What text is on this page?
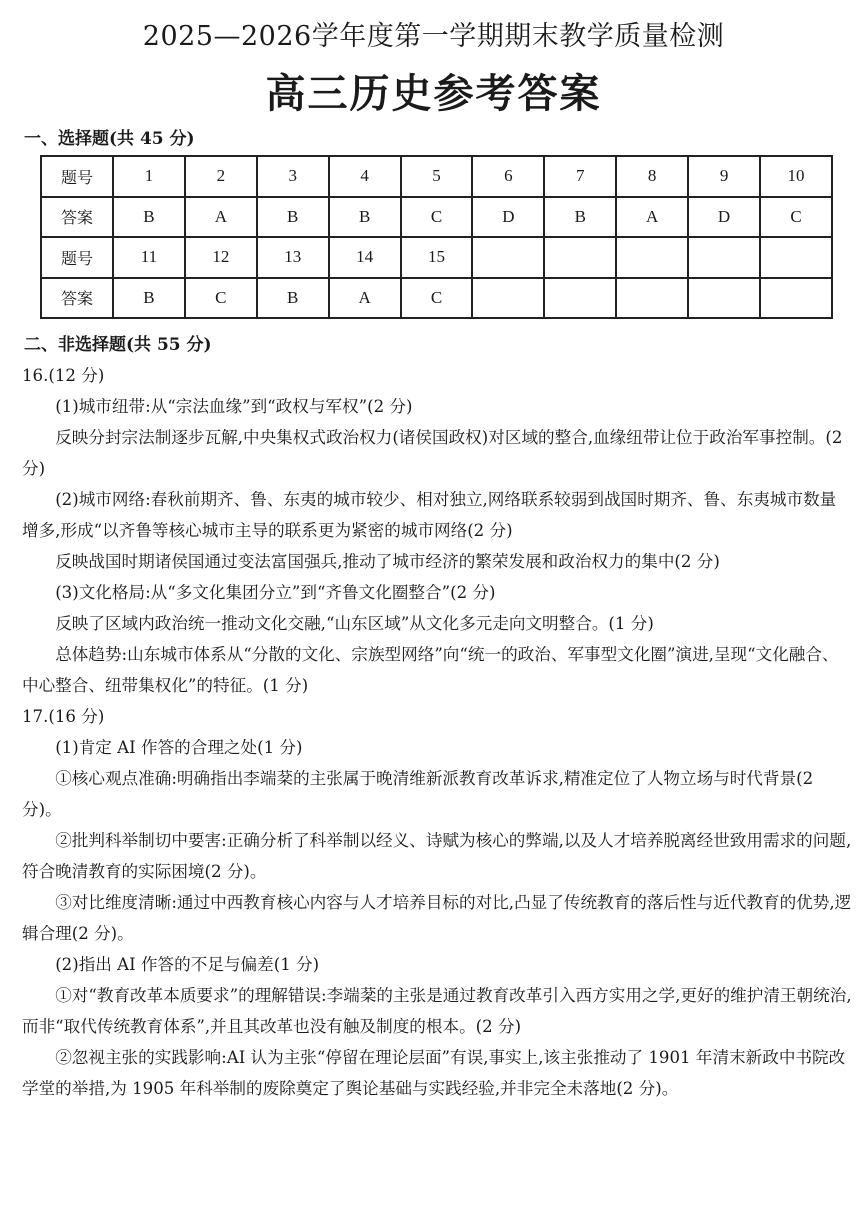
2025—2026学年度第一学期期末教学质量检测
高三历史参考答案
一、选择题(共 45 分)
题号	1	2	3	4	5	6	7	8	9	10
答案	B	A	B	B	C	D	B	A	D	C
题号	11	12	13	14	15					
答案	B	C	B	A	C					
二、非选择题(共 55 分)

16.(12 分)

(1)城市纽带:从“宗法血缘”到“政权与军权”(2 分)

反映分封宗法制逐步瓦解,中央集权式政治权力(诸侯国政权)对区域的整合,血缘纽带让位于政治军事控制。(2 分)

(2)城市网络:春秋前期齐、鲁、东夷的城市较少、相对独立,网络联系较弱到战国时期齐、鲁、东夷城市数量增多,形成“以齐鲁等核心城市主导的联系更为紧密的城市网络(2 分)

反映战国时期诸侯国通过变法富国强兵,推动了城市经济的繁荣发展和政治权力的集中(2 分)

(3)文化格局:从“多文化集团分立”到“齐鲁文化圈整合”(2 分)

反映了区域内政治统一推动文化交融,“山东区域”从文化多元走向文明整合。(1 分)

总体趋势:山东城市体系从“分散的文化、宗族型网络”向“统一的政治、军事型文化圈”演进,呈现“文化融合、中心整合、纽带集权化”的特征。(1 分)

17.(16 分)

(1)肯定 AI 作答的合理之处(1 分)

①核心观点准确:明确指出李端棻的主张属于晚清维新派教育改革诉求,精准定位了人物立场与时代背景(2 分)。

②批判科举制切中要害:正确分析了科举制以经义、诗赋为核心的弊端,以及人才培养脱离经世致用需求的问题,符合晚清教育的实际困境(2 分)。

③对比维度清晰:通过中西教育核心内容与人才培养目标的对比,凸显了传统教育的落后性与近代教育的优势,逻辑合理(2 分)。

(2)指出 AI 作答的不足与偏差(1 分)

①对“教育改革本质要求”的理解错误:李端棻的主张是通过教育改革引入西方实用之学,更好的维护清王朝统治,而非“取代传统教育体系”,并且其改革也没有触及制度的根本。(2 分)

②忽视主张的实践影响:AI 认为主张“停留在理论层面”有误,事实上,该主张推动了 1901 年清末新政中书院改学堂的举措,为 1905 年科举制的废除奠定了舆论基础与实践经验,并非完全未落地(2 分)。
